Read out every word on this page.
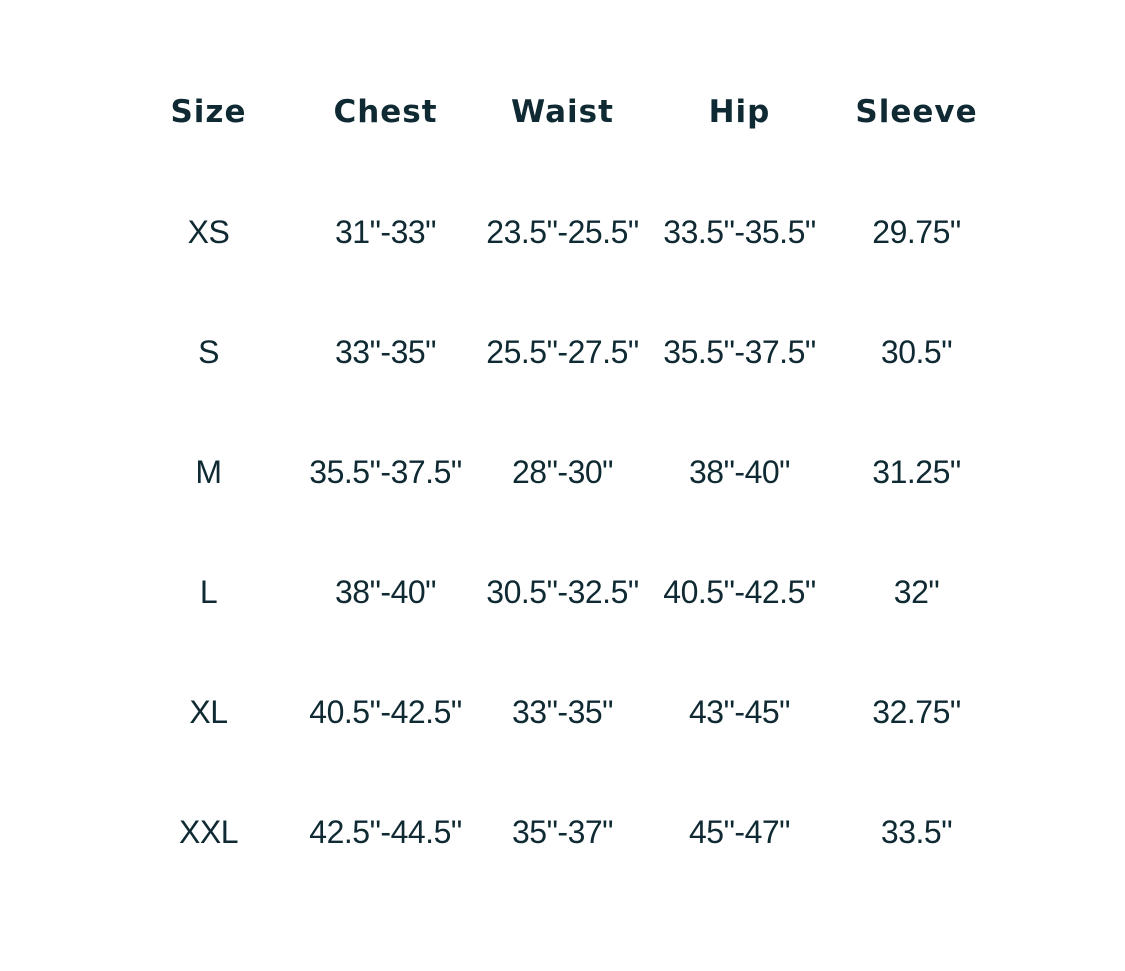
Size	Chest	Waist	Hip	Sleeve
XS	31"-33"	23.5"-25.5"	33.5"-35.5"	29.75"
S	33"-35"	25.5"-27.5"	35.5"-37.5"	30.5"
M	35.5"-37.5"	28"-30"	38"-40"	31.25"
L	38"-40"	30.5"-32.5"	40.5"-42.5"	32"
XL	40.5"-42.5"	33"-35"	43"-45"	32.75"
XXL	42.5"-44.5"	35"-37"	45"-47"	33.5"
